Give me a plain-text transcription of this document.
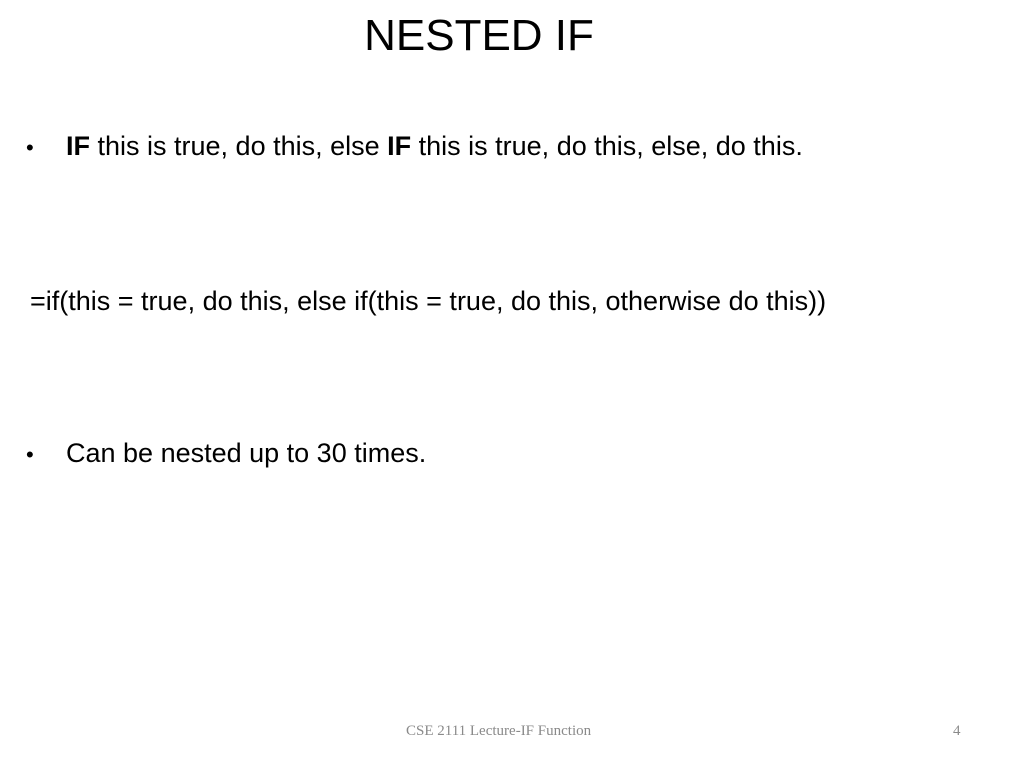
NESTED IF
•	IF this is true, do this, else IF this is true, do this, else, do this.
=if(this = true, do this, else if(this = true, do this, otherwise do this))
•	Can be nested up to 30 times.
CSE 2111 Lecture-IF Function	4
